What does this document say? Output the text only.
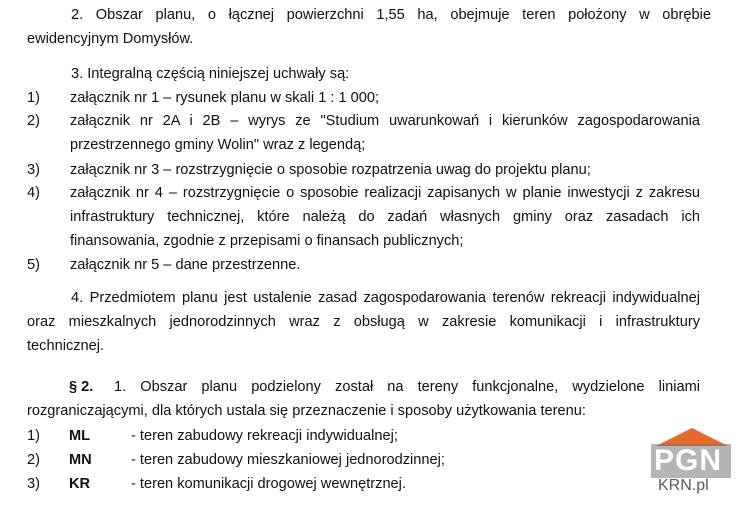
2. Obszar planu, o łącznej powierzchni 1,55 ha, obejmuje teren położony w obrębie
ewidencyjnym Domysłów.
3. Integralną częścią niniejszej uchwały są:
1) załącznik nr 1 – rysunek planu w skali 1 : 1 000;
2) załącznik nr 2A i 2B – wyrys ze "Studium uwarunkowań i kierunków zagospodarowania
przestrzennego gminy Wolin" wraz z legendą;
3) załącznik nr 3 – rozstrzygnięcie o sposobie rozpatrzenia uwag do projektu planu;
4) załącznik nr 4 – rozstrzygnięcie o sposobie realizacji zapisanych w planie inwestycji z zakresu
infrastruktury technicznej, które należą do zadań własnych gminy oraz zasadach ich
finansowania, zgodnie z przepisami o finansach publicznych;
5) załącznik nr 5 – dane przestrzenne.
4. Przedmiotem planu jest ustalenie zasad zagospodarowania terenów rekreacji indywidualnej
oraz mieszkalnych jednorodzinnych wraz z obsługą w zakresie komunikacji i infrastruktury
technicznej.
§ 2. 1. Obszar planu podzielony został na tereny funkcjonalne, wydzielone liniami
rozgraniczającymi, dla których ustala się przeznaczenie i sposoby użytkowania terenu:
1) ML	- teren zabudowy rekreacji indywidualnej;
2) MN	- teren zabudowy mieszkaniowej jednorodzinnej;
3) KR	- teren komunikacji drogowej wewnętrznej.
PGN
KRN.pl
